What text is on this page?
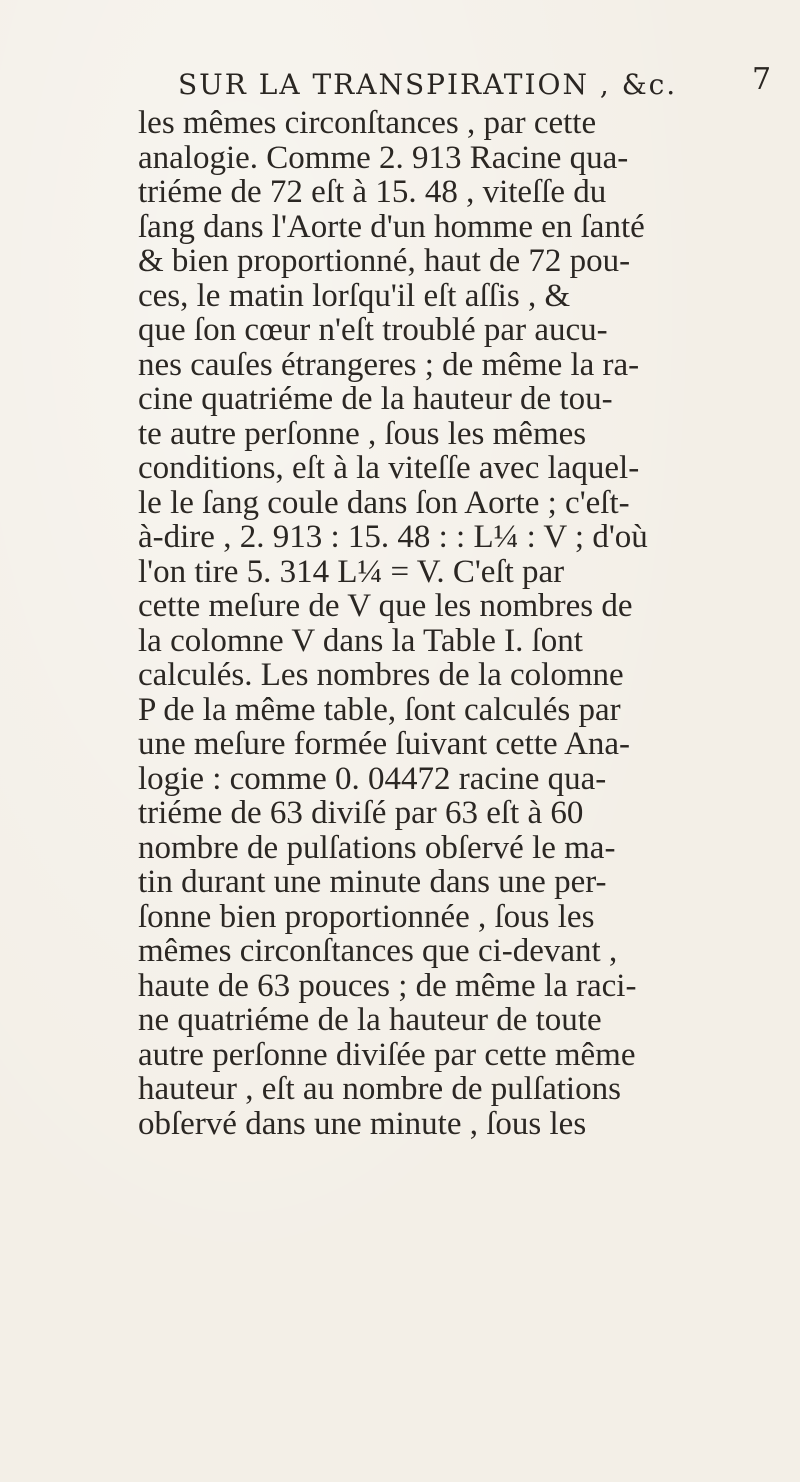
SUR LA TRANSPIRATION , &c. 7
les mêmes circonſtances , par cette
analogie. Comme 2. 913 Racine qua-
triéme de 72 eſt à 15. 48 , viteſſe du
ſang dans l'Aorte d'un homme en ſanté
& bien proportionné, haut de 72 pou-
ces, le matin lorſqu'il eſt aſſis , &
que ſon cœur n'eſt troublé par aucu-
nes cauſes étrangeres ; de même la ra-
cine quatriéme de la hauteur de tou-
te autre perſonne , ſous les mêmes
conditions, eſt à la viteſſe avec laquel-
le le ſang coule dans ſon Aorte ; c'eſt-
à-dire , 2. 913 : 15. 48 : : L¼ : V ; d'où
l'on tire 5. 314 L¼ = V. C'eſt par
cette meſure de V que les nombres de
la colomne V dans la Table I. ſont
calculés. Les nombres de la colomne
P de la même table, ſont calculés par
une meſure formée ſuivant cette Ana-
logie : comme 0. 04472 racine qua-
triéme de 63 diviſé par 63 eſt à 60
nombre de pulſations obſervé le ma-
tin durant une minute dans une per-
ſonne bien proportionnée , ſous les
mêmes circonſtances que ci-devant ,
haute de 63 pouces ; de même la raci-
ne quatriéme de la hauteur de toute
autre perſonne diviſée par cette même
hauteur , eſt au nombre de pulſations
obſervé dans une minute , ſous les
